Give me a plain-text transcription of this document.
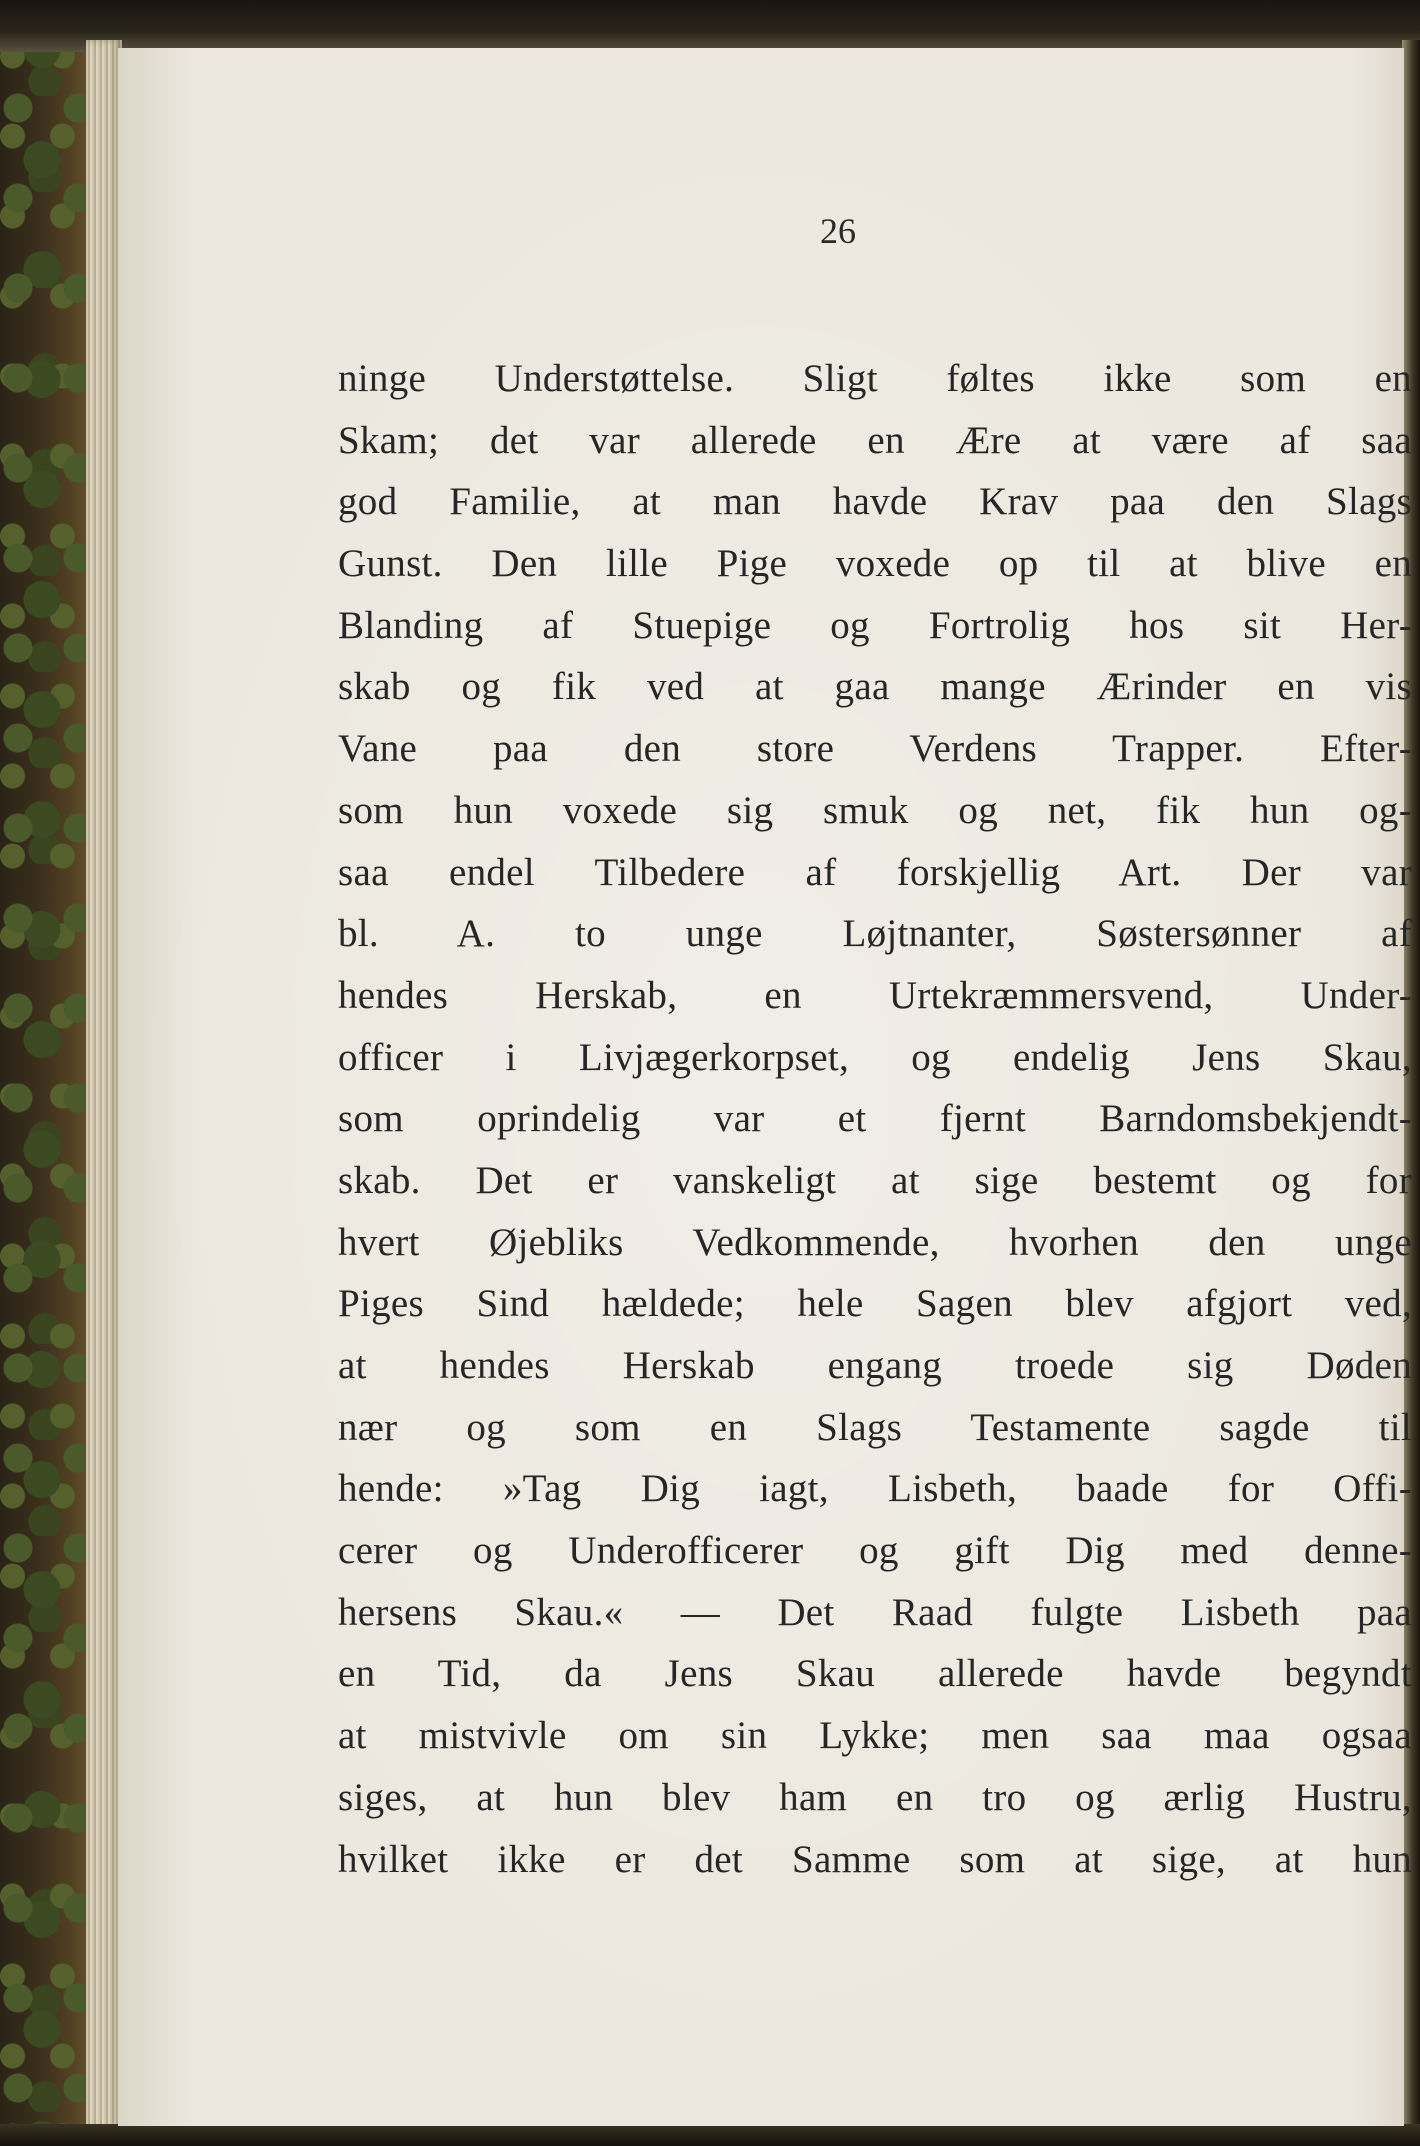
26
ninge Understøttelse. Sligt føltes ikke som en
Skam; det var allerede en Ære at være af saa
god Familie, at man havde Krav paa den Slags
Gunst. Den lille Pige voxede op til at blive en
Blanding af Stuepige og Fortrolig hos sit Her-
skab og fik ved at gaa mange Ærinder en vis
Vane paa den store Verdens Trapper. Efter-
som hun voxede sig smuk og net, fik hun og-
saa endel Tilbedere af forskjellig Art. Der var
bl. A. to unge Løjtnanter, Søstersønner af
hendes Herskab, en Urtekræmmersvend, Under-
officer i Livjægerkorpset, og endelig Jens Skau,
som oprindelig var et fjernt Barndomsbekjendt-
skab. Det er vanskeligt at sige bestemt og for
hvert Øjebliks Vedkommende, hvorhen den unge
Piges Sind hældede; hele Sagen blev afgjort ved,
at hendes Herskab engang troede sig Døden
nær og som en Slags Testamente sagde til
hende: »Tag Dig iagt, Lisbeth, baade for Offi-
cerer og Underofficerer og gift Dig med denne-
hersens Skau.« — Det Raad fulgte Lisbeth paa
en Tid, da Jens Skau allerede havde begyndt
at mistvivle om sin Lykke; men saa maa ogsaa
siges, at hun blev ham en tro og ærlig Hustru,
hvilket ikke er det Samme som at sige, at hun
